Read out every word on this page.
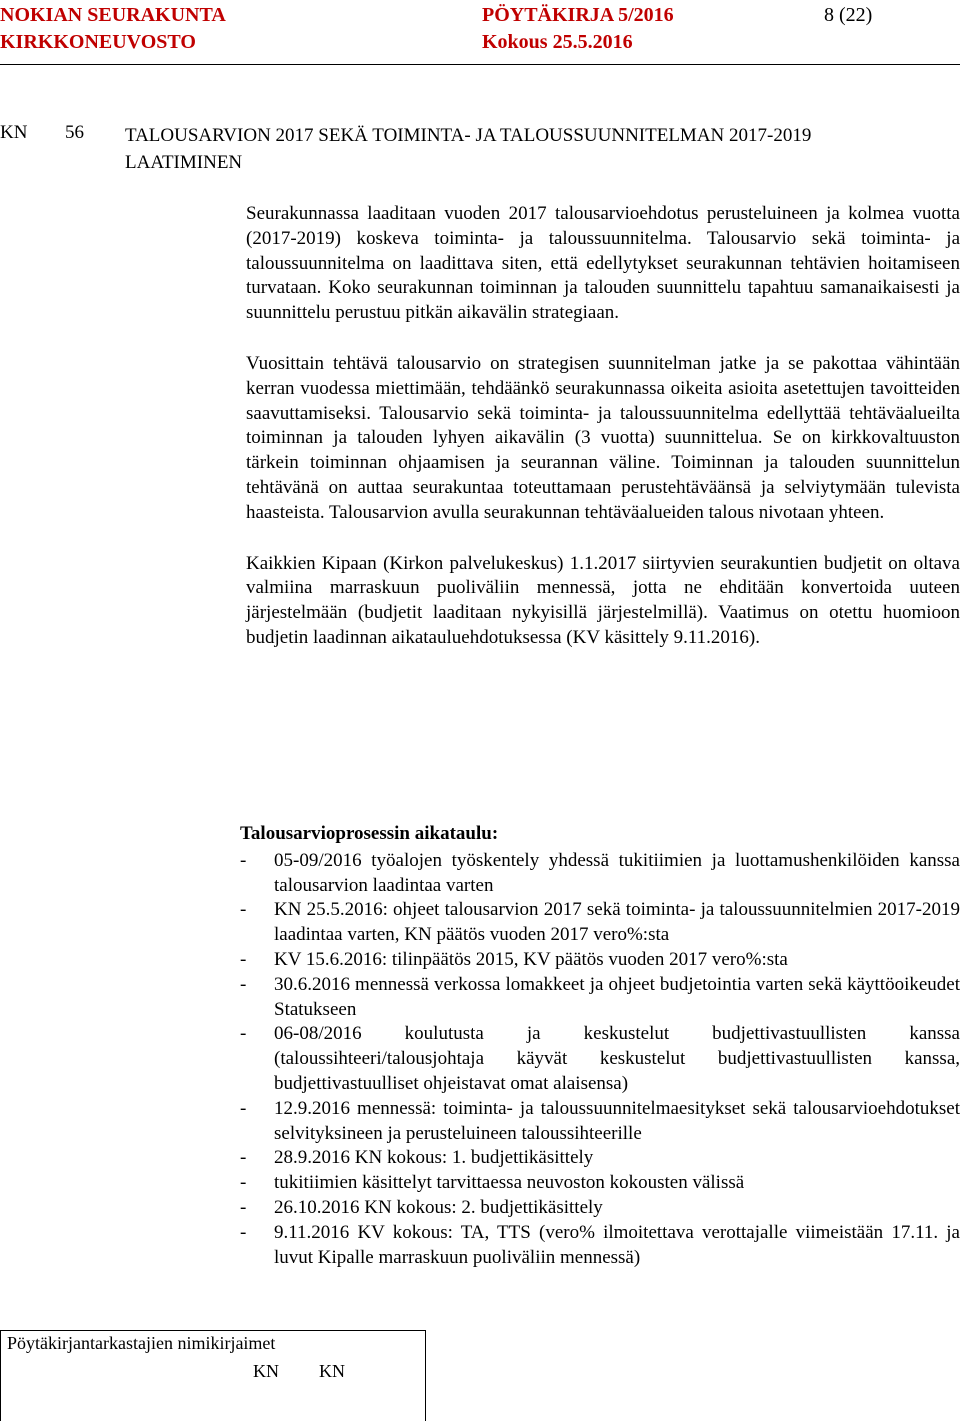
NOKIAN SEURAKUNTA	PÖYTÄKIRJA 5/2016	8 (22)
KIRKKONEUVOSTO	Kokous 25.5.2016
KN 56 TALOUSARVION 2017 SEKÄ TOIMINTA- JA TALOUSSUUNNITELMAN 2017-2019 LAATIMINEN

Seurakunnassa laaditaan vuoden 2017 talousarvioehdotus perusteluineen ja kolmea vuotta (2017-2019) koskeva toiminta- ja taloussuunnitelma. Talousarvio sekä toiminta- ja taloussuunnitelma on laadittava siten, että edellytykset seurakunnan tehtävien hoitamiseen turvataan. Koko seurakunnan toiminnan ja talouden suunnittelu tapahtuu samanaikaisesti ja suunnittelu perustuu pitkän aikavälin strategiaan.

Vuosittain tehtävä talousarvio on strategisen suunnitelman jatke ja se pakottaa vähintään kerran vuodessa miettimään, tehdäänkö seurakunnassa oikeita asioita asetettujen tavoitteiden saavuttamiseksi. Talousarvio sekä toiminta- ja taloussuunnitelma edellyttää tehtäväalueilta toiminnan ja talouden lyhyen aikavälin (3 vuotta) suunnittelua. Se on kirkkovaltuuston tärkein toiminnan ohjaamisen ja seurannan väline. Toiminnan ja talouden suunnittelun tehtävänä on auttaa seurakuntaa toteuttamaan perustehtäväänsä ja selviytymään tulevista haasteista. Talousarvion avulla seurakunnan tehtäväalueiden talous nivotaan yhteen.

Kaikkien Kipaan (Kirkon palvelukeskus) 1.1.2017 siirtyvien seurakuntien budjetit on oltava valmiina marraskuun puoliväliin mennessä, jotta ne ehditään konvertoida uuteen järjestelmään (budjetit laaditaan nykyisillä järjestelmillä). Vaatimus on otettu huomioon budjetin laadinnan aikatauluehdotuksessa (KV käsittely 9.11.2016).

Talousarvioprosessin aikataulu:
- 05-09/2016 työalojen työskentely yhdessä tukitiimien ja luottamushenkilöiden kanssa talousarvion laadintaa varten
- KN 25.5.2016: ohjeet talousarvion 2017 sekä toiminta- ja taloussuunnitelmien 2017-2019 laadintaa varten, KN päätös vuoden 2017 vero%:sta
- KV 15.6.2016: tilinpäätös 2015, KV päätös vuoden 2017 vero%:sta
- 30.6.2016 mennessä verkossa lomakkeet ja ohjeet budjetointia varten sekä käyttöoikeudet Statukseen
- 06-08/2016 koulutusta ja keskustelut budjettivastuullisten kanssa (taloussihteeri/talousjohtaja käyvät keskustelut budjettivastuullisten kanssa, budjettivastuulliset ohjeistavat omat alaisensa)
- 12.9.2016 mennessä: toiminta- ja taloussuunnitelmaesitykset sekä talousarvioehdotukset selvityksineen ja perusteluineen taloussihteerille
- 28.9.2016 KN kokous: 1. budjettikäsittely
- tukitiimien käsittelyt tarvittaessa neuvoston kokousten välissä
- 26.10.2016 KN kokous: 2. budjettikäsittely
- 9.11.2016 KV kokous: TA, TTS (vero% ilmoitettava verottajalle viimeistään 17.11. ja luvut Kipalle marraskuun puoliväliin mennessä)
Pöytäkirjantarkastajien nimikirjaimet
KN KN
